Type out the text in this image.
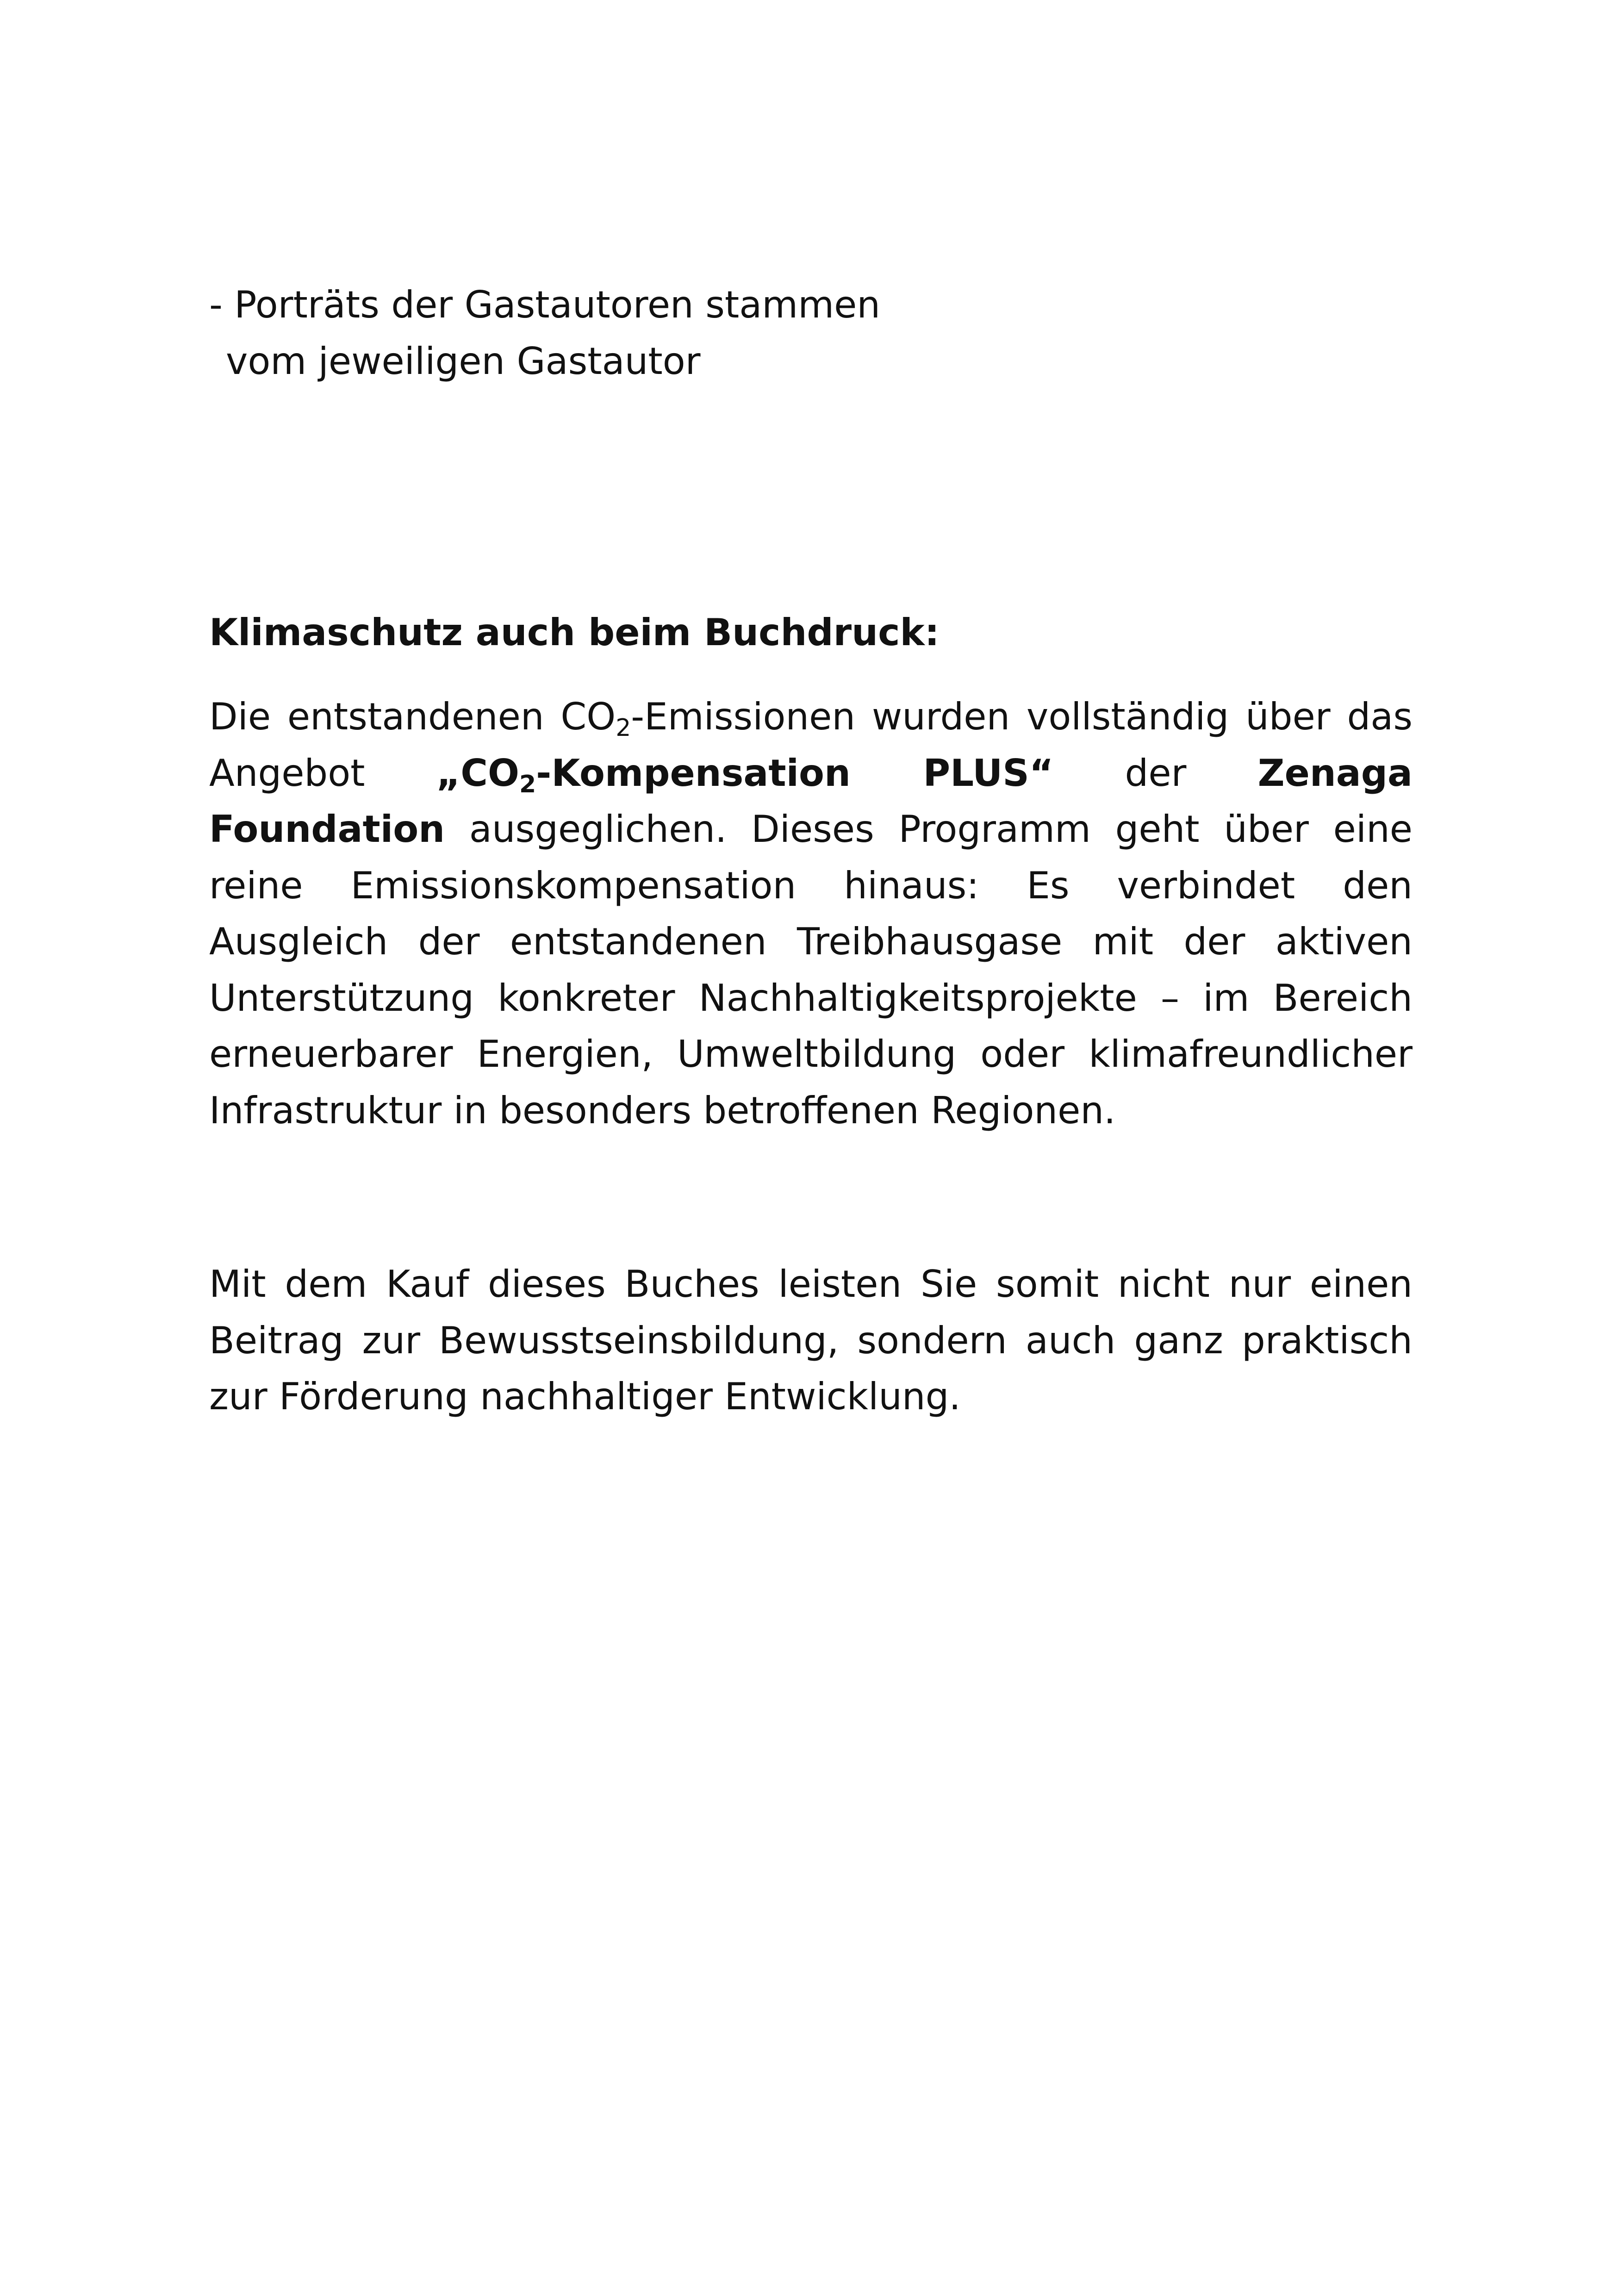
- Porträts der Gastautoren stammen
vom jeweiligen Gastautor
Klimaschutz auch beim Buchdruck:

Die entstandenen $CO_2$-Emissionen wurden vollständig über das Angebot $„CO_2$-Kompensation PLUS“ der Zenaga Foundation ausgeglichen. Dieses Programm geht über eine reine Emissionskompensation hinaus: Es verbindet den Ausgleich der entstandenen Treibhausgase mit der aktiven Unterstützung konkreter Nachhaltigkeitsprojekte – im Bereich erneuerbarer Energien, Umweltbildung oder klimafreundlicher Infrastruktur in besonders betroffenen Regionen.

Mit dem Kauf dieses Buches leisten Sie somit nicht nur einen Beitrag zur Bewusstseinsbildung, sondern auch ganz praktisch zur Förderung nachhaltiger Entwicklung.
